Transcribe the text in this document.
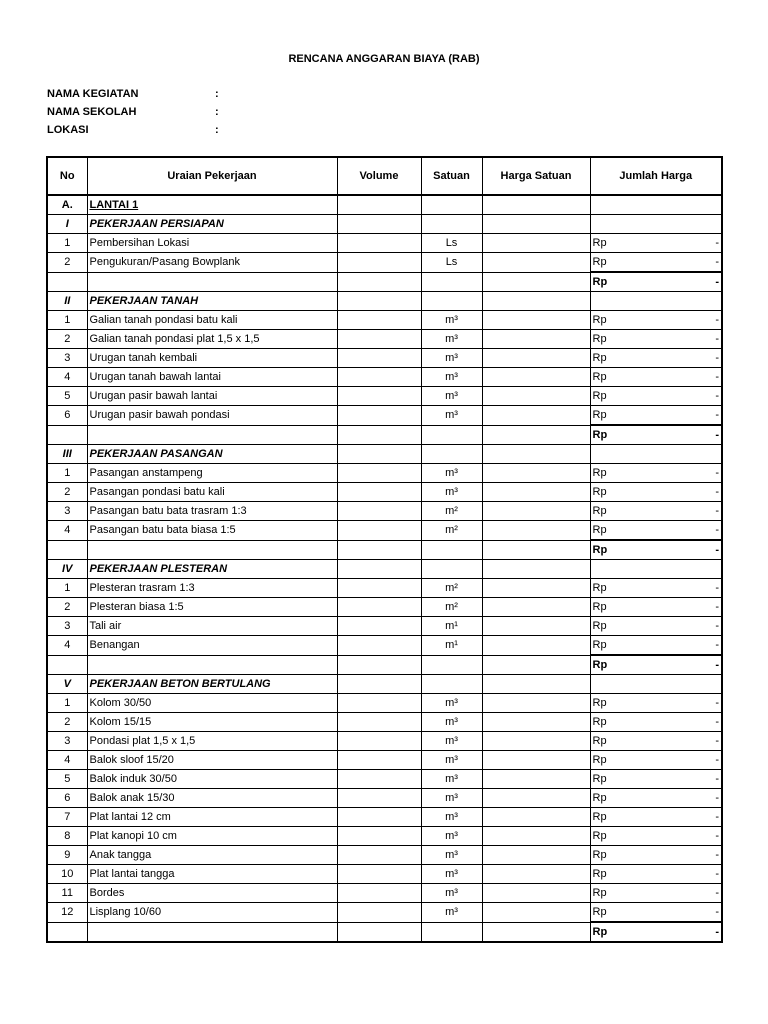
RENCANA ANGGARAN BIAYA (RAB)
NAMA KEGIATAN	:
NAMA SEKOLAH	:
LOKASI	:
No	Uraian Pekerjaan	Volume	Satuan	Harga Satuan	Jumlah Harga
A.	LANTAI 1				
I	PEKERJAAN PERSIAPAN				
1	Pembersihan Lokasi		Ls		Rp -

2	Pengukuran/Pasang Bowplank		Ls		Rp -

					Rp -

II	PEKERJAAN TANAH				
1	Galian tanah pondasi batu kali		m³		Rp -

2	Galian tanah pondasi plat 1,5 x 1,5		m³		Rp -

3	Urugan tanah kembali		m³		Rp -

4	Urugan tanah bawah lantai		m³		Rp -

5	Urugan pasir bawah lantai		m³		Rp -

6	Urugan pasir bawah pondasi		m³		Rp -

					Rp -

III	PEKERJAAN PASANGAN				
1	Pasangan anstampeng		m³		Rp -

2	Pasangan pondasi batu kali		m³		Rp -

3	Pasangan batu bata trasram 1:3		m²		Rp -

4	Pasangan batu bata biasa 1:5		m²		Rp -

					Rp -

IV	PEKERJAAN PLESTERAN				
1	Plesteran trasram 1:3		m²		Rp -

2	Plesteran biasa 1:5		m²		Rp -

3	Tali air		m¹		Rp -

4	Benangan		m¹		Rp -

					Rp -

V	PEKERJAAN BETON BERTULANG				
1	Kolom 30/50		m³		Rp -

2	Kolom 15/15		m³		Rp -

3	Pondasi plat 1,5 x 1,5		m³		Rp -

4	Balok sloof 15/20		m³		Rp -

5	Balok induk 30/50		m³		Rp -

6	Balok anak 15/30		m³		Rp -

7	Plat lantai 12 cm		m³		Rp -

8	Plat kanopi 10 cm		m³		Rp -

9	Anak tangga		m³		Rp -

10	Plat lantai tangga		m³		Rp -

11	Bordes		m³		Rp -

12	Lisplang 10/60		m³		Rp -

					Rp -
